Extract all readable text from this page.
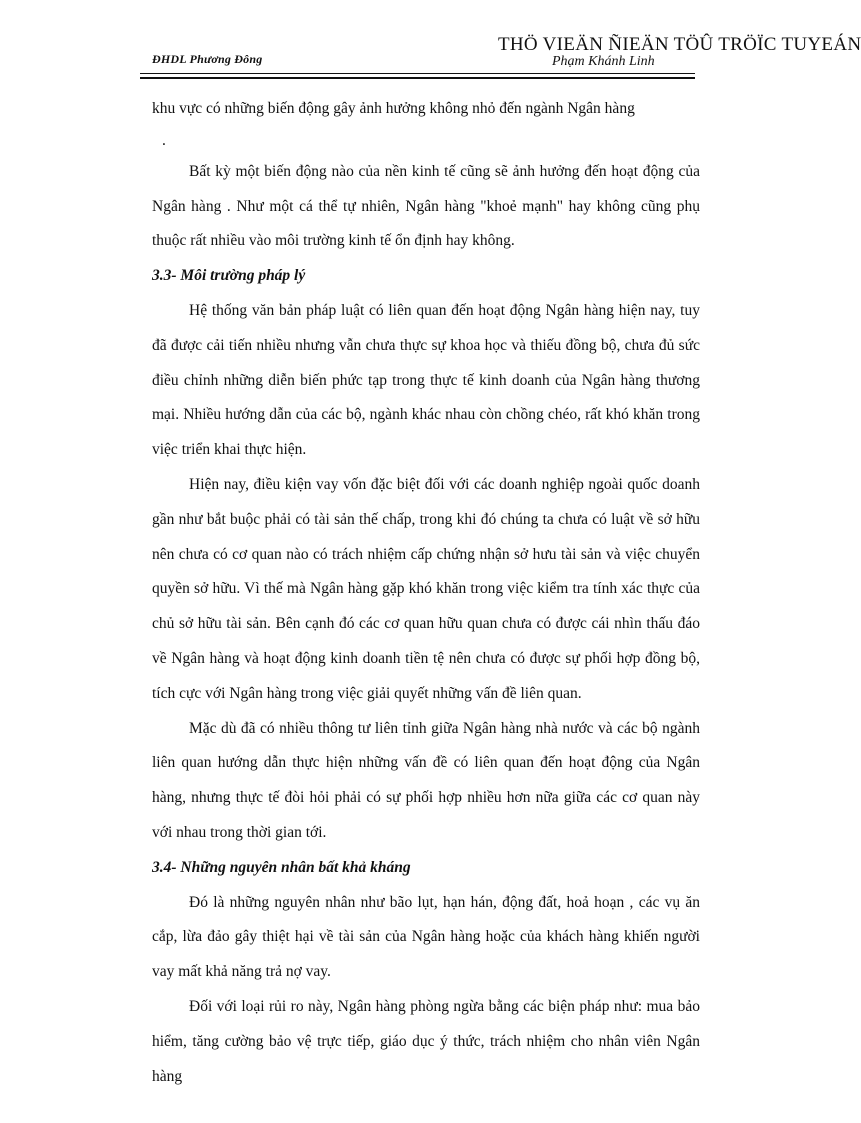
ĐHDL Phương Đông
THÖ VIEÄN ÑIEÄN TÖÛ TRÖÏC TUYEÁN
Phạm Khánh Linh

khu vực có những biến động gây ảnh hưởng không nhỏ đến ngành Ngân hàng

.

Bất kỳ một biến động nào của nền kinh tế cũng sẽ ảnh hưởng đến hoạt động của Ngân hàng . Như một cá thể tự nhiên, Ngân hàng "khoẻ mạnh" hay không cũng phụ thuộc rất nhiều vào môi trường kinh tế ổn định hay không.

3.3- Môi trường pháp lý

Hệ thống văn bản pháp luật có liên quan đến hoạt động Ngân hàng hiện nay, tuy đã được cải tiến nhiều nhưng vẫn chưa thực sự khoa học và thiếu đồng bộ, chưa đủ sức điều chỉnh những diễn biến phức tạp trong thực tế kinh doanh của Ngân hàng thương mại. Nhiều hướng dẫn của các bộ, ngành khác nhau còn chồng chéo, rất khó khăn trong việc triển khai thực hiện.

Hiện nay, điều kiện vay vốn đặc biệt đối với các doanh nghiệp ngoài quốc doanh gần như bắt buộc phải có tài sản thế chấp, trong khi đó chúng ta chưa có luật về sở hữu nên chưa có cơ quan nào có trách nhiệm cấp chứng nhận sở hưu tài sản và việc chuyển quyền sở hữu. Vì thế mà Ngân hàng gặp khó khăn trong việc kiểm tra tính xác thực của chủ sở hữu tài sản. Bên cạnh đó các cơ quan hữu quan chưa có được cái nhìn thấu đáo về Ngân hàng và hoạt động kinh doanh tiền tệ nên chưa có được sự phối hợp đồng bộ, tích cực với Ngân hàng trong việc giải quyết những vấn đề liên quan.

Mặc dù đã có nhiều thông tư liên tỉnh giữa Ngân hàng nhà nước và các bộ ngành liên quan hướng dẫn thực hiện những vấn đề có liên quan đến hoạt động của Ngân hàng, nhưng thực tế đòi hỏi phải có sự phối hợp nhiều hơn nữa giữa các cơ quan này với nhau trong thời gian tới.

3.4- Những nguyên nhân bất khả kháng

Đó là những nguyên nhân như bão lụt, hạn hán, động đất, hoả hoạn , các vụ ăn cắp, lừa đảo gây thiệt hại về tài sản của Ngân hàng hoặc của khách hàng khiến người vay mất khả năng trả nợ vay.

Đối với loại rủi ro này, Ngân hàng phòng ngừa bằng các biện pháp như: mua bảo hiểm, tăng cường bảo vệ trực tiếp, giáo dục ý thức, trách nhiệm cho nhân viên Ngân hàng
